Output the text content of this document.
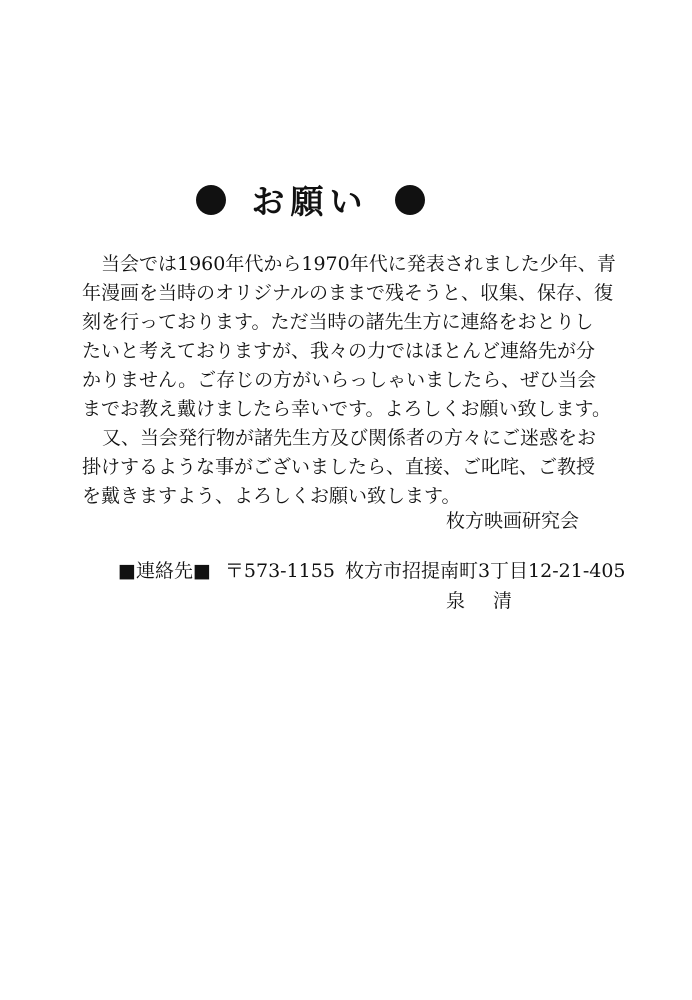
お願い
　当会では1960年代から1970年代に発表されました少年、青
年漫画を当時のオリジナルのままで残そうと、収集、保存、復
刻を行っております。ただ当時の諸先生方に連絡をおとりし
たいと考えておりますが、我々の力ではほとんど連絡先が分
かりません。ご存じの方がいらっしゃいましたら、ぜひ当会
までお教え戴けましたら幸いです。よろしくお願い致します。
又、当会発行物が諸先生方及び関係者の方々にご迷惑をお
掛けするような事がございましたら、直接、ご叱咤、ご教授
を戴きますよう、よろしくお願い致します。
枚方映画研究会
■連絡先■ 〒573-1155 枚方市招提南町3丁目12-21-405
泉清
